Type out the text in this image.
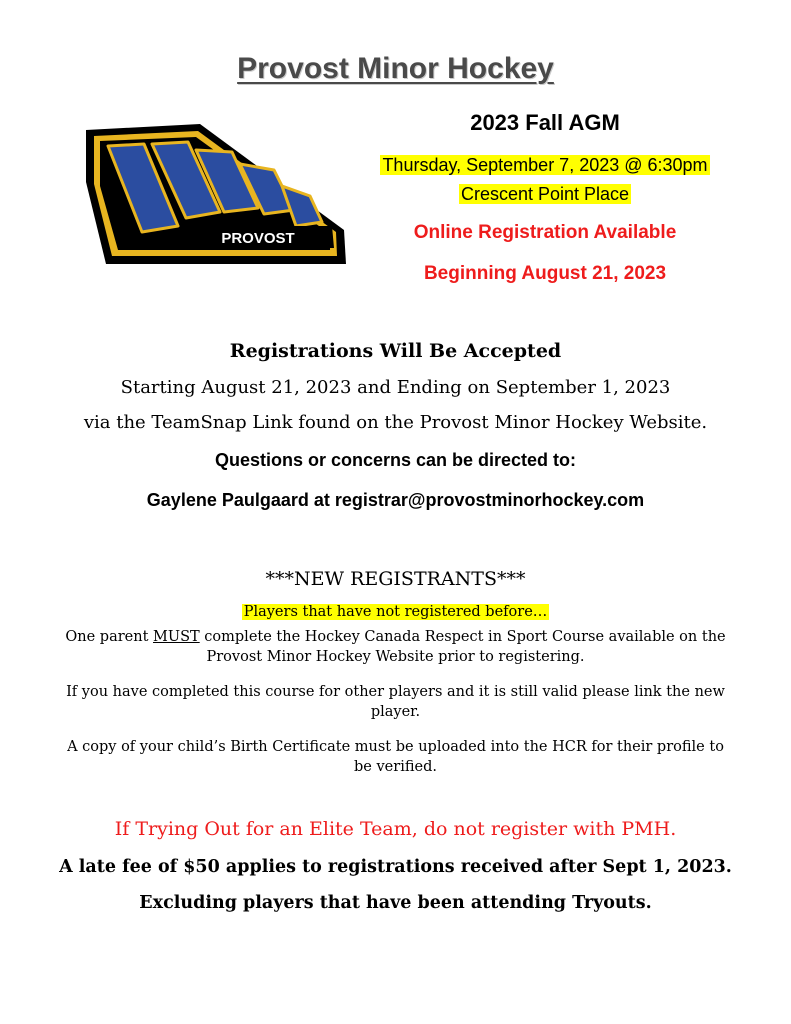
Provost Minor Hockey
PROVOST
2023 Fall AGM
Thursday, September 7, 2023 @ 6:30pm
Crescent Point Place
Online Registration Available
Beginning August 21, 2023
Registrations Will Be Accepted
Starting August 21, 2023 and Ending on September 1, 2023
via the TeamSnap Link found on the Provost Minor Hockey Website.
Questions or concerns can be directed to:
Gaylene Paulgaard at registrar@provostminorhockey.com
***NEW REGISTRANTS***
Players that have not registered before…
One parent MUST complete the Hockey Canada Respect in Sport Course available on the Provost Minor Hockey Website prior to registering.
If you have completed this course for other players and it is still valid please link the new player.
A copy of your child’s Birth Certificate must be uploaded into the HCR for their profile to be verified.
If Trying Out for an Elite Team, do not register with PMH.
A late fee of $50 applies to registrations received after Sept 1, 2023.
Excluding players that have been attending Tryouts.
